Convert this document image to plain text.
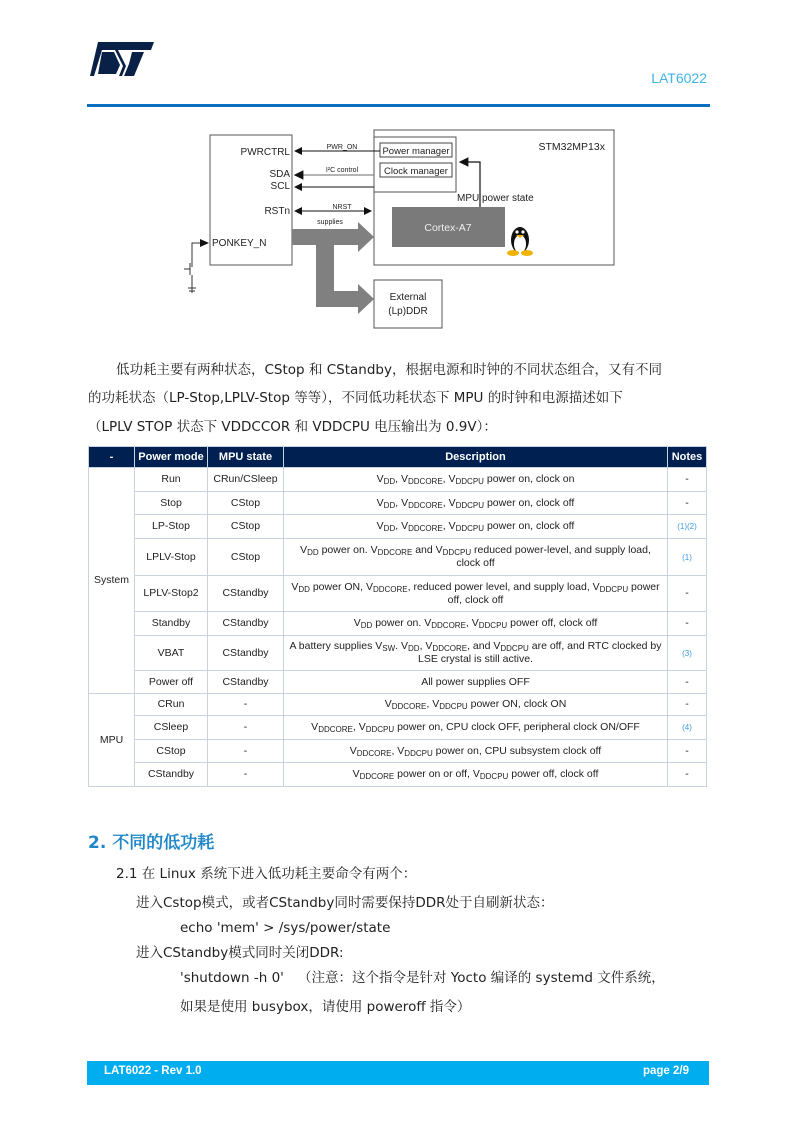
LAT6022
PWRCTRL
SDA
SCL
RSTn
PONKEY_N
STM32MP13x
Power manager
Clock manager
Cortex-A7
MPU power state
PWR_ON
I²C control
NRST
supplies
External
(Lp)DDR
低功耗主要有两种状态，CStop 和 CStandby，根据电源和时钟的不同状态组合，又有不同
的功耗状态（LP-Stop,LPLV-Stop 等等），不同低功耗状态下 MPU 的时钟和电源描述如下
（LPLV STOP 状态下 VDDCCOR 和 VDDCPU 电压输出为 0.9V）：
-	Power mode	MPU state	Description	Notes
System	Run	CRun/CSleep	$V_{DD}$, $V_{DDCORE}$, $V_{DDCPU}$ power on, clock on	-
	Stop	CStop	$V_{DD}$, $V_{DDCORE}$, $V_{DDCPU}$ power on, clock off	-
	LP-Stop	CStop	$V_{DD}$, $V_{DDCORE}$, $V_{DDCPU}$ power on, clock off	(1)(2)
	LPLV-Stop	CStop	$V_{DD}$ power on. $V_{DDCORE}$ and $V_{DDCPU}$ reduced power-level, and supply load, clock off	(1)
	LPLV-Stop2	CStandby	$V_{DD}$ power ON, $V_{DDCORE}$, reduced power level, and supply load, $V_{DDCPU}$ power off, clock off	-
	Standby	CStandby	$V_{DD}$ power on. $V_{DDCORE}$, $V_{DDCPU}$ power off, clock off	-
	VBAT	CStandby	A battery supplies $V_{SW}$. $V_{DD}$, $V_{DDCORE}$, and $V_{DDCPU}$ are off, and RTC clocked by LSE crystal is still active.	(3)
	Power off	CStandby	All power supplies OFF	-
MPU	CRun	-	$V_{DDCORE}$, $V_{DDCPU}$ power ON, clock ON	-
	CSleep	-	$V_{DDCORE}$, $V_{DDCPU}$ power on, CPU clock OFF, peripheral clock ON/OFF	(4)
	CStop	-	$V_{DDCORE}$, $V_{DDCPU}$ power on, CPU subsystem clock off	-
	CStandby	-	$V_{DDCORE}$ power on or off, $V_{DDCPU}$ power off, clock off	-
2. 不同的低功耗
2.1 在 Linux 系统下进入低功耗主要命令有两个：
进入Cstop模式，或者CStandby同时需要保持DDR处于自刷新状态：
echo 'mem' > /sys/power/state
进入CStandby模式同时关闭DDR:
'shutdown -h 0' （注意：这个指令是针对 Yocto 编译的 systemd 文件系统，
如果是使用 busybox，请使用 poweroff 指令）
LAT6022 - Rev 1.0	page 2/9
